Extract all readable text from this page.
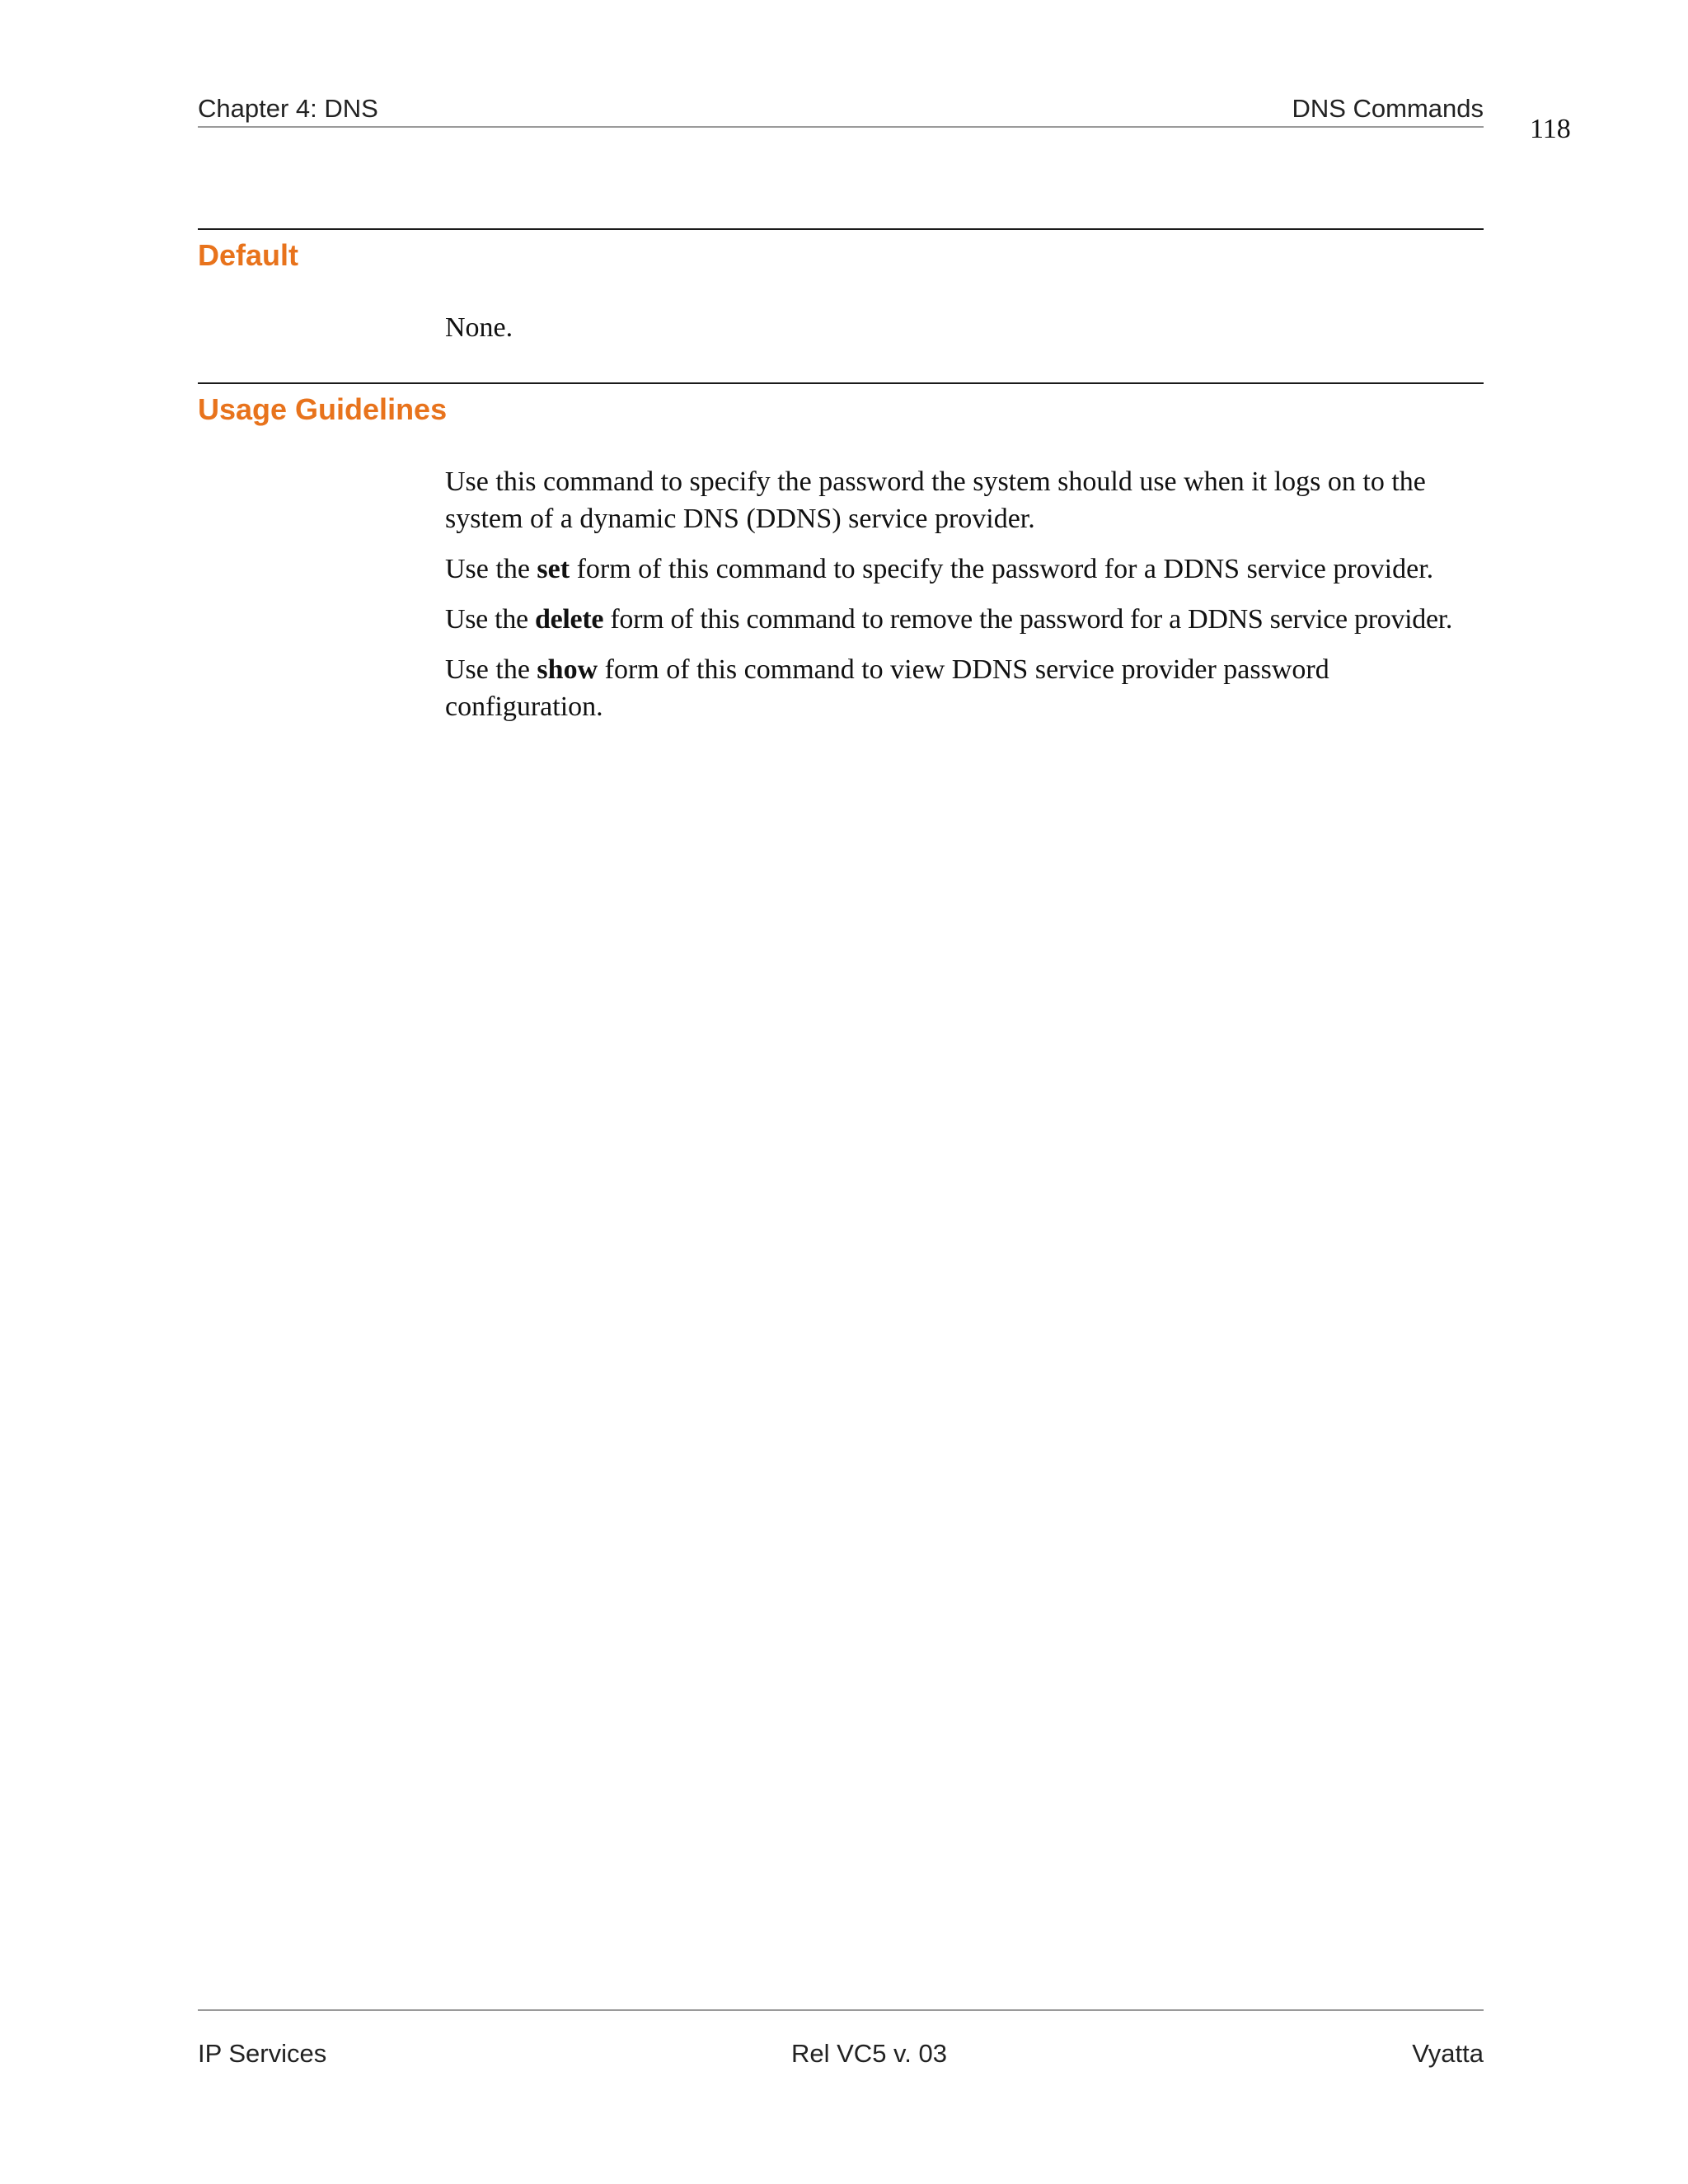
Chapter 4: DNS	DNS Commands
118
Default

None.

Usage Guidelines

Use this command to specify the password the system should use when it logs on to the system of a dynamic DNS (DDNS) service provider.

Use the set form of this command to specify the password for a DDNS service provider.

Use the delete form of this command to remove the password for a DDNS service provider.

Use the show form of this command to view DDNS service provider password configuration.

IP Services	Rel VC5 v. 03	Vyatta
